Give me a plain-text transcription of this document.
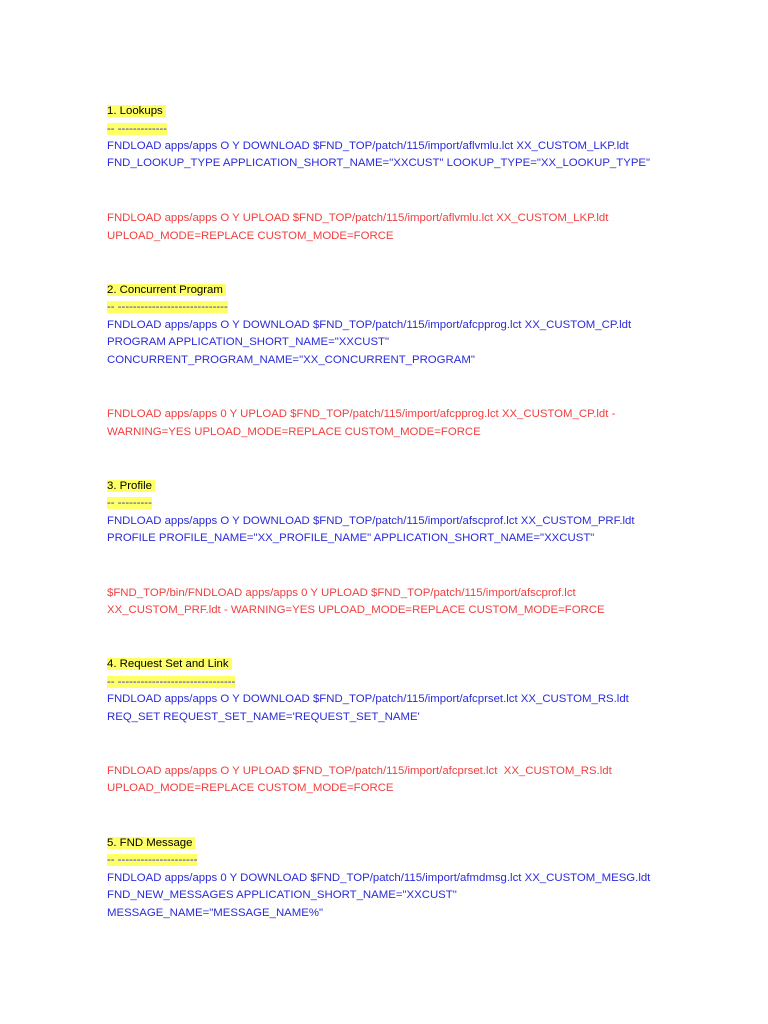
1. Lookups
-- -------------
FNDLOAD apps/apps O Y DOWNLOAD $FND_TOP/patch/115/import/aflvmlu.lct XX_CUSTOM_LKP.ldt
FND_LOOKUP_TYPE APPLICATION_SHORT_NAME="XXCUST" LOOKUP_TYPE="XX_LOOKUP_TYPE"
FNDLOAD apps/apps O Y UPLOAD $FND_TOP/patch/115/import/aflvmlu.lct XX_CUSTOM_LKP.ldt
UPLOAD_MODE=REPLACE CUSTOM_MODE=FORCE
2. Concurrent Program
-- -----------------------------
FNDLOAD apps/apps O Y DOWNLOAD $FND_TOP/patch/115/import/afcpprog.lct XX_CUSTOM_CP.ldt
PROGRAM APPLICATION_SHORT_NAME="XXCUST"
CONCURRENT_PROGRAM_NAME="XX_CONCURRENT_PROGRAM"
FNDLOAD apps/apps 0 Y UPLOAD $FND_TOP/patch/115/import/afcpprog.lct XX_CUSTOM_CP.ldt -
WARNING=YES UPLOAD_MODE=REPLACE CUSTOM_MODE=FORCE
3. Profile
-- ---------
FNDLOAD apps/apps O Y DOWNLOAD $FND_TOP/patch/115/import/afscprof.lct XX_CUSTOM_PRF.ldt
PROFILE PROFILE_NAME="XX_PROFILE_NAME" APPLICATION_SHORT_NAME="XXCUST"
$FND_TOP/bin/FNDLOAD apps/apps 0 Y UPLOAD $FND_TOP/patch/115/import/afscprof.lct
XX_CUSTOM_PRF.ldt - WARNING=YES UPLOAD_MODE=REPLACE CUSTOM_MODE=FORCE
4. Request Set and Link
-- -------------------------------
FNDLOAD apps/apps O Y DOWNLOAD $FND_TOP/patch/115/import/afcprset.lct XX_CUSTOM_RS.ldt
REQ_SET REQUEST_SET_NAME='REQUEST_SET_NAME'
FNDLOAD apps/apps O Y UPLOAD $FND_TOP/patch/115/import/afcprset.lct  XX_CUSTOM_RS.ldt
UPLOAD_MODE=REPLACE CUSTOM_MODE=FORCE
5. FND Message
-- ---------------------
FNDLOAD apps/apps 0 Y DOWNLOAD $FND_TOP/patch/115/import/afmdmsg.lct XX_CUSTOM_MESG.ldt
FND_NEW_MESSAGES APPLICATION_SHORT_NAME="XXCUST"
MESSAGE_NAME="MESSAGE_NAME%"
